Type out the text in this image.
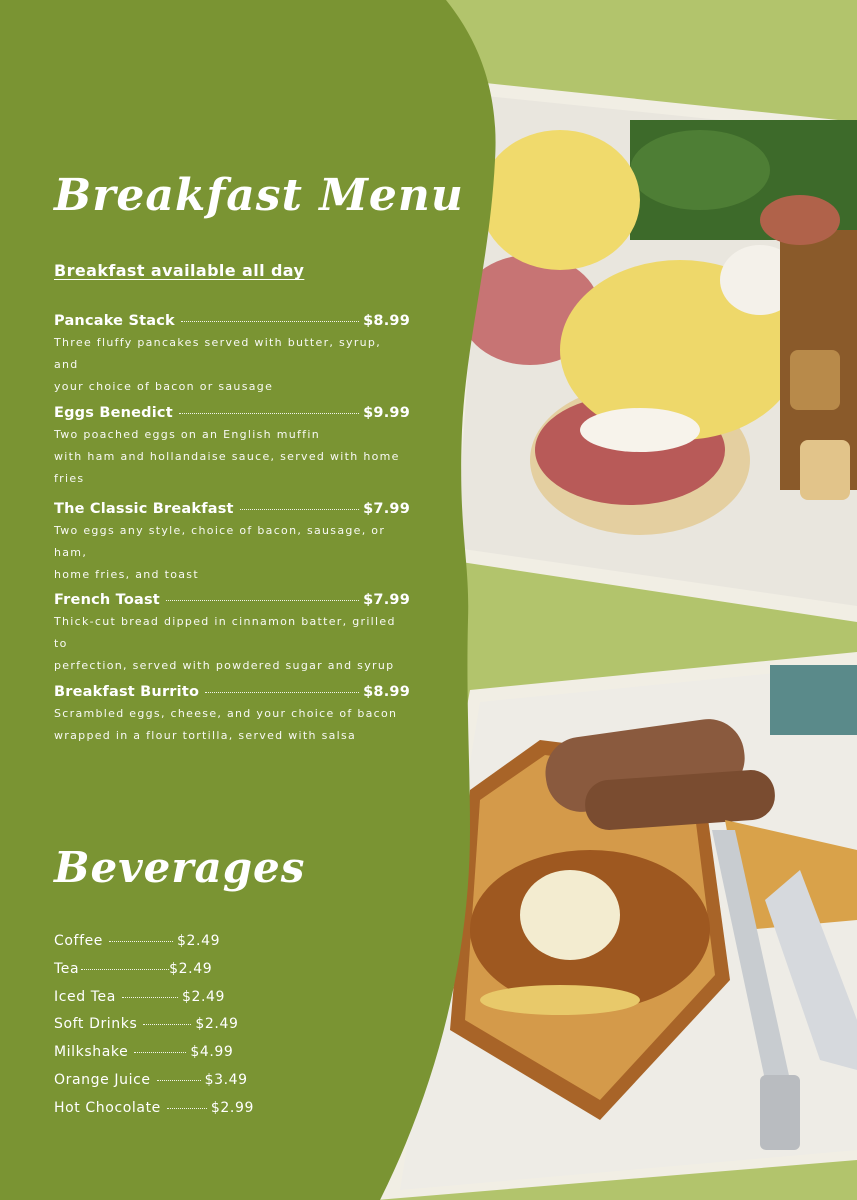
Breakfast Menu
Breakfast available all day
Pancake Stack	$8.99
Three fluffy pancakes served with butter, syrup, and
your choice of bacon or sausage
Eggs Benedict	$9.99
Two poached eggs on an English muffin
with ham and hollandaise sauce, served with home fries
The Classic Breakfast	$7.99
Two eggs any style, choice of bacon, sausage, or ham,
home fries, and toast
French Toast	$7.99
Thick-cut bread dipped in cinnamon batter, grilled to
perfection, served with powdered sugar and syrup
Breakfast Burrito	$8.99
Scrambled eggs, cheese, and your choice of bacon
wrapped in a flour tortilla, served with salsa
Beverages
Coffee	$2.49
Tea	$2.49
Iced Tea	$2.49
Soft Drinks	$2.49
Milkshake	$4.99
Orange Juice	$3.49
Hot Chocolate	$2.99
